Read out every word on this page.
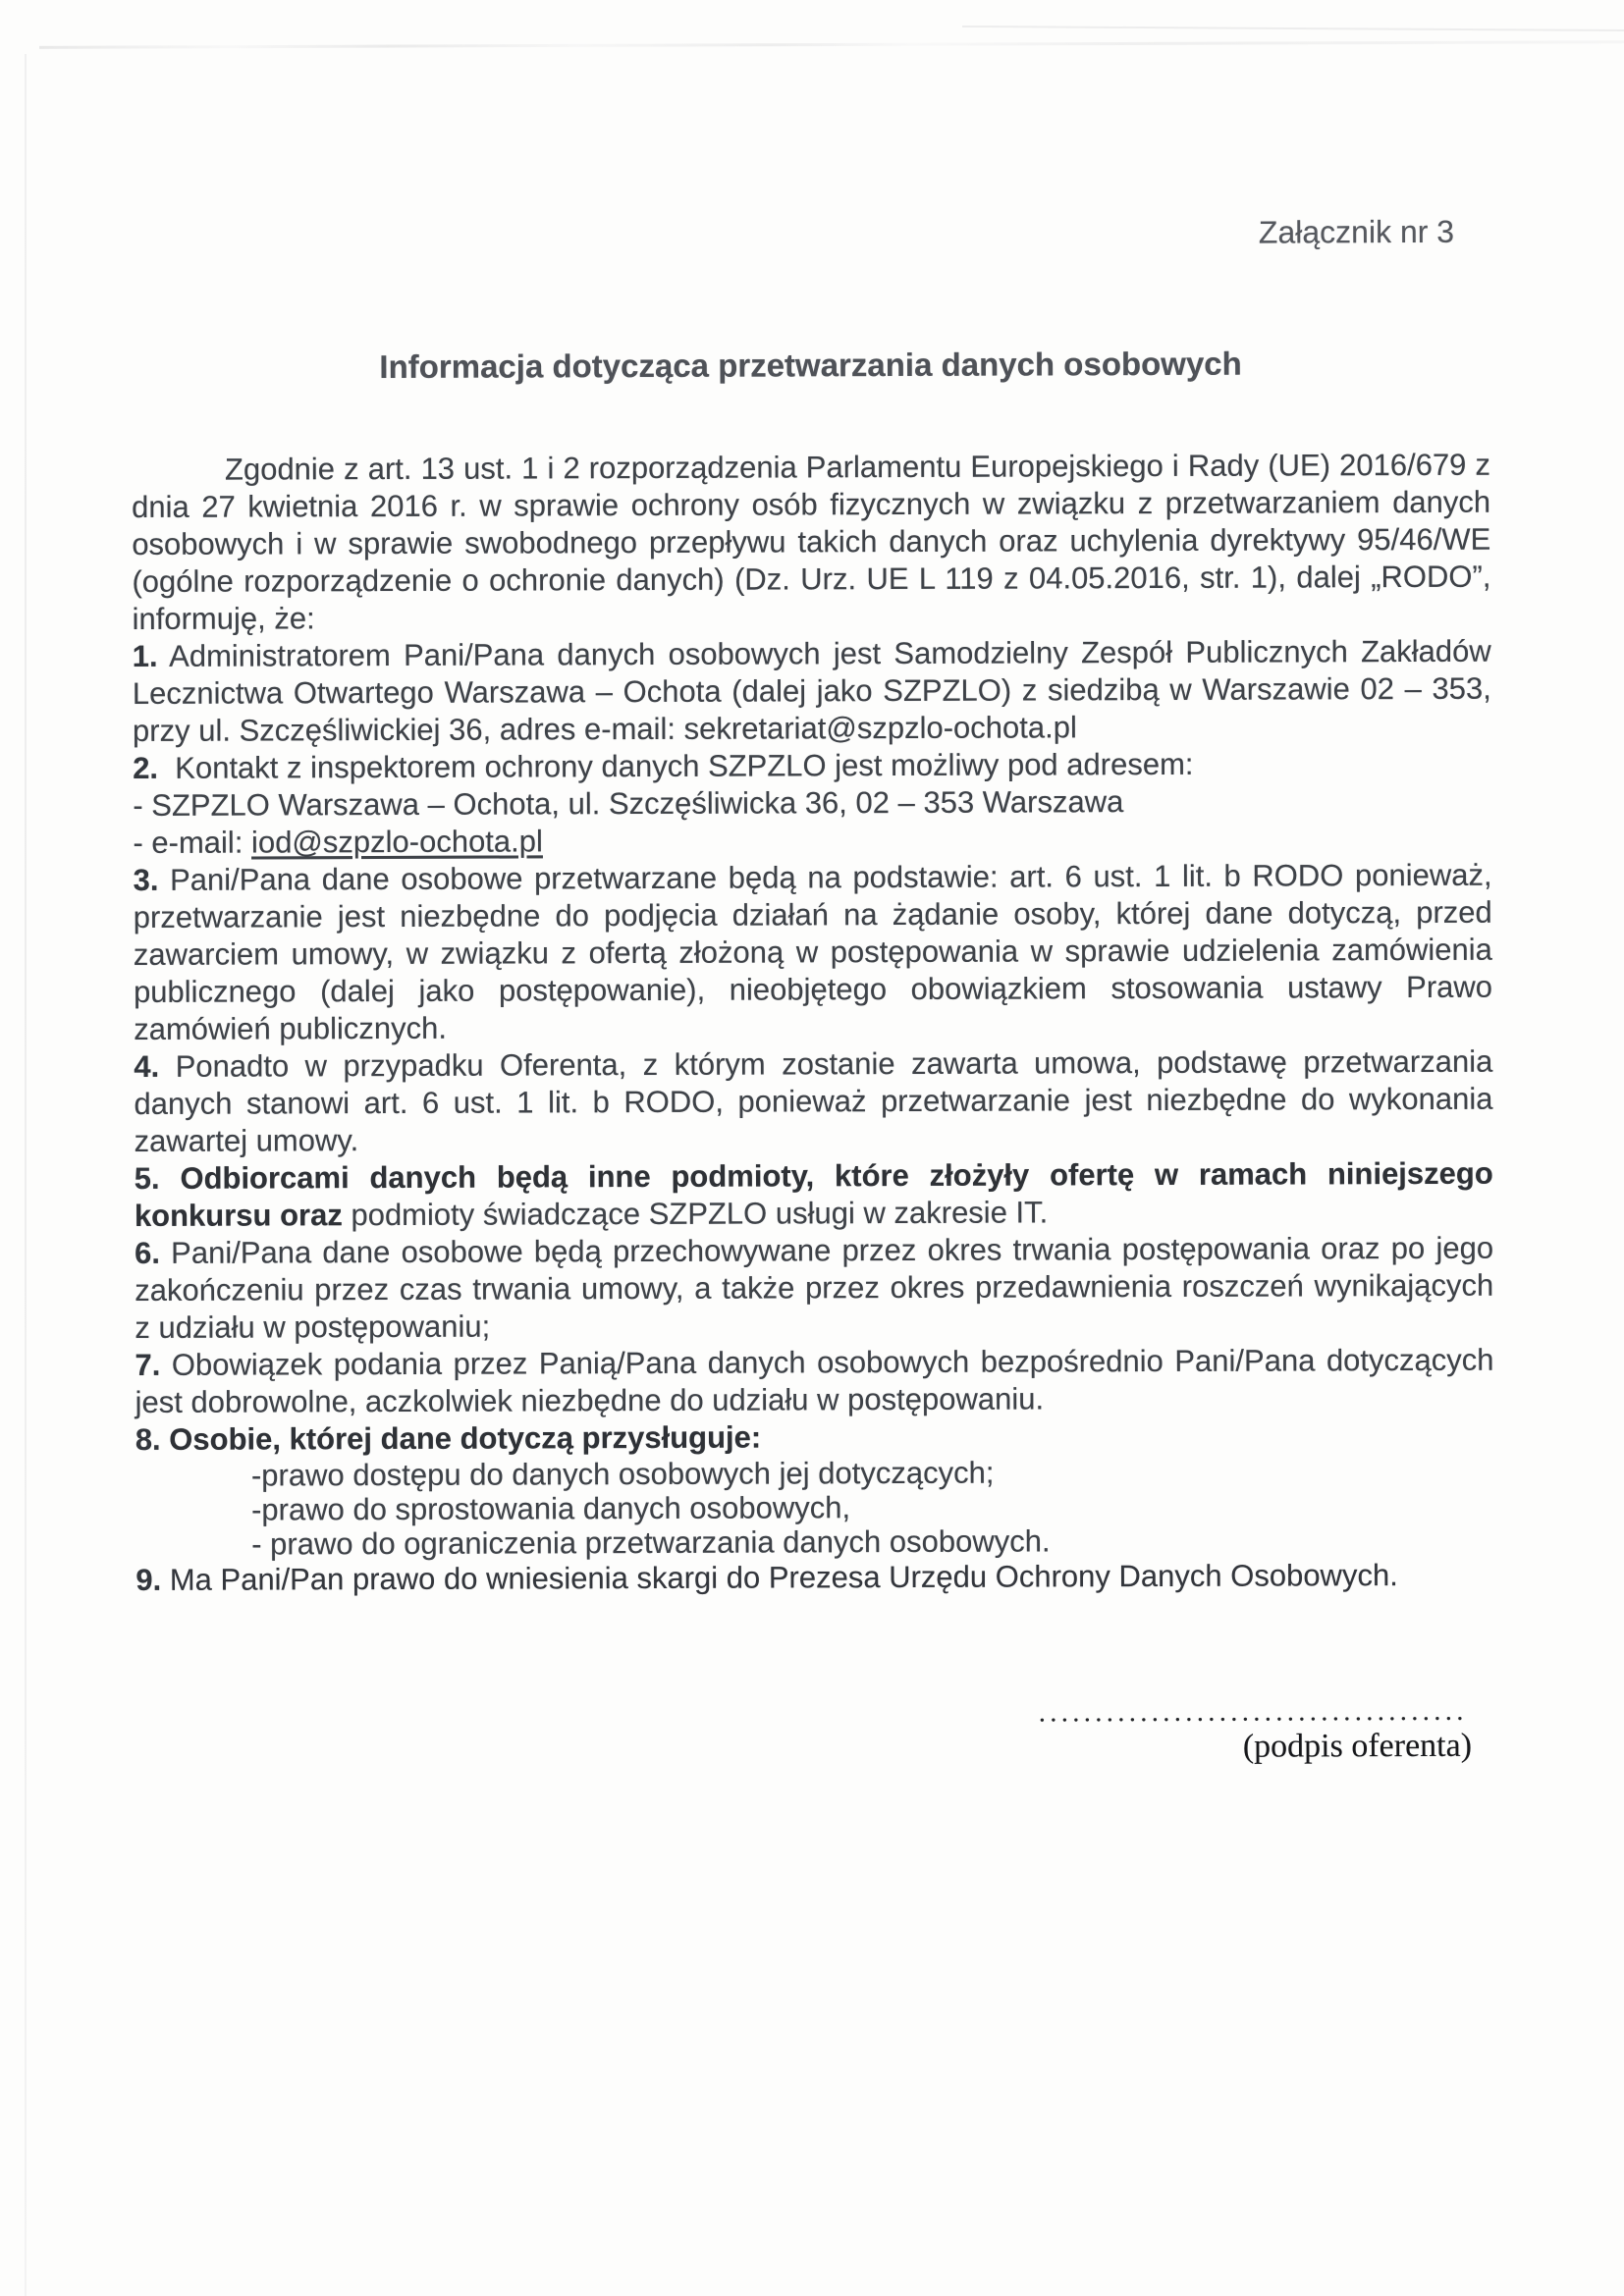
Załącznik nr 3
Informacja dotycząca przetwarzania danych osobowych

Zgodnie z art. 13 ust. 1 i 2 rozporządzenia Parlamentu Europejskiego i Rady (UE) 2016/679 z dnia 27 kwietnia 2016 r. w sprawie ochrony osób fizycznych w związku z przetwarzaniem danych osobowych i w sprawie swobodnego przepływu takich danych oraz uchylenia dyrektywy 95/46/WE (ogólne rozporządzenie o ochronie danych) (Dz. Urz. UE L 119 z 04.05.2016, str. 1), dalej „RODO”, informuję, że:

1. Administratorem Pani/Pana danych osobowych jest Samodzielny Zespół Publicznych Zakładów Lecznictwa Otwartego Warszawa – Ochota (dalej jako SZPZLO) z siedzibą w Warszawie 02 – 353, przy ul. Szczęśliwickiej 36, adres e-mail: sekretariat@szpzlo-ochota.pl

2. Kontakt z inspektorem ochrony danych SZPZLO jest możliwy pod adresem:
- SZPZLO Warszawa – Ochota, ul. Szczęśliwicka 36, 02 – 353 Warszawa
- e-mail: iod@szpzlo-ochota.pl

3. Pani/Pana dane osobowe przetwarzane będą na podstawie: art. 6 ust. 1 lit. b RODO ponieważ, przetwarzanie jest niezbędne do podjęcia działań na żądanie osoby, której dane dotyczą, przed zawarciem umowy, w związku z ofertą złożoną w postępowania w sprawie udzielenia zamówienia publicznego (dalej jako postępowanie), nieobjętego obowiązkiem stosowania ustawy Prawo zamówień publicznych.

4. Ponadto w przypadku Oferenta, z którym zostanie zawarta umowa, podstawę przetwarzania danych stanowi art. 6 ust. 1 lit. b RODO, ponieważ przetwarzanie jest niezbędne do wykonania zawartej umowy.

5. Odbiorcami danych będą inne podmioty, które złożyły ofertę w ramach niniejszego konkursu oraz podmioty świadczące SZPZLO usługi w zakresie IT.

6. Pani/Pana dane osobowe będą przechowywane przez okres trwania postępowania oraz po jego zakończeniu przez czas trwania umowy, a także przez okres przedawnienia roszczeń wynikających z udziału w postępowaniu;

7. Obowiązek podania przez Panią/Pana danych osobowych bezpośrednio Pani/Pana dotyczących jest dobrowolne, aczkolwiek niezbędne do udziału w postępowaniu.

8. Osobie, której dane dotyczą przysługuje:
-prawo dostępu do danych osobowych jej dotyczących;
-prawo do sprostowania danych osobowych,
- prawo do ograniczenia przetwarzania danych osobowych.

9. Ma Pani/Pan prawo do wniesienia skargi do Prezesa Urzędu Ochrony Danych Osobowych.

......................................
(podpis oferenta)
